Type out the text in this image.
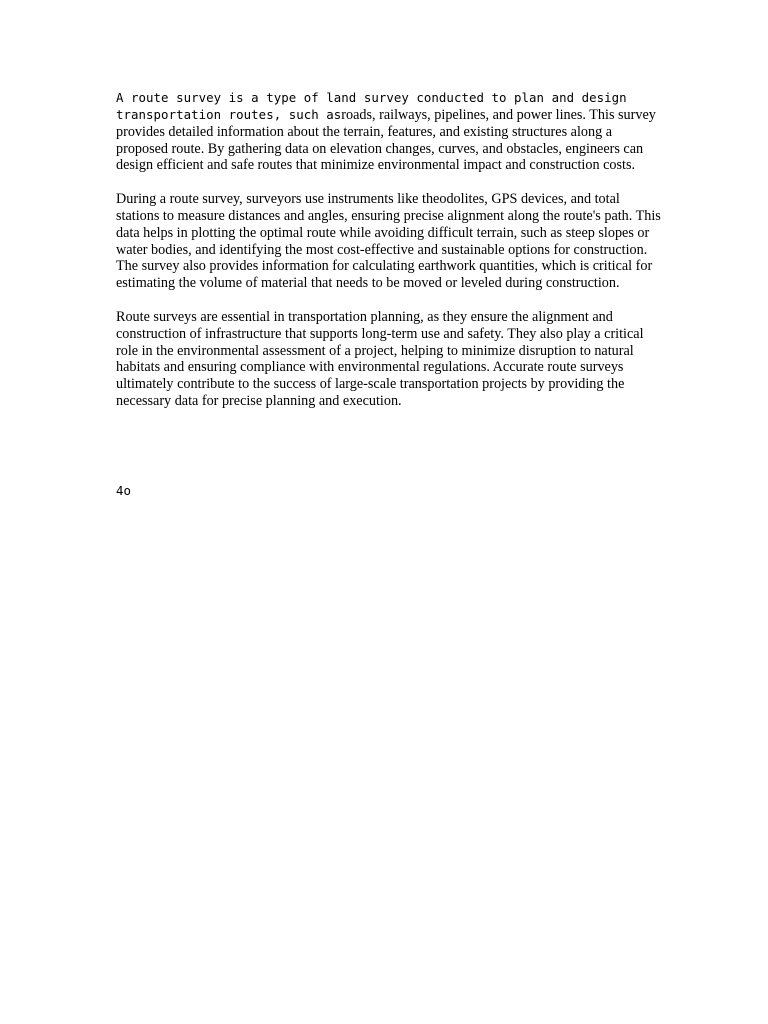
A route survey is a type of land survey conducted to plan and design
transportation routes, such asroads, railways, pipelines, and power lines. This survey provides detailed information about the terrain, features, and existing structures along a proposed route. By gathering data on elevation changes, curves, and obstacles, engineers can design efficient and safe routes that minimize environmental impact and construction costs.

During a route survey, surveyors use instruments like theodolites, GPS devices, and total stations to measure distances and angles, ensuring precise alignment along the route's path. This data helps in plotting the optimal route while avoiding difficult terrain, such as steep slopes or water bodies, and identifying the most cost-effective and sustainable options for construction. The survey also provides information for calculating earthwork quantities, which is critical for estimating the volume of material that needs to be moved or leveled during construction.

Route surveys are essential in transportation planning, as they ensure the alignment and construction of infrastructure that supports long-term use and safety. They also play a critical role in the environmental assessment of a project, helping to minimize disruption to natural habitats and ensuring compliance with environmental regulations. Accurate route surveys ultimately contribute to the success of large-scale transportation projects by providing the necessary data for precise planning and execution.

4o
